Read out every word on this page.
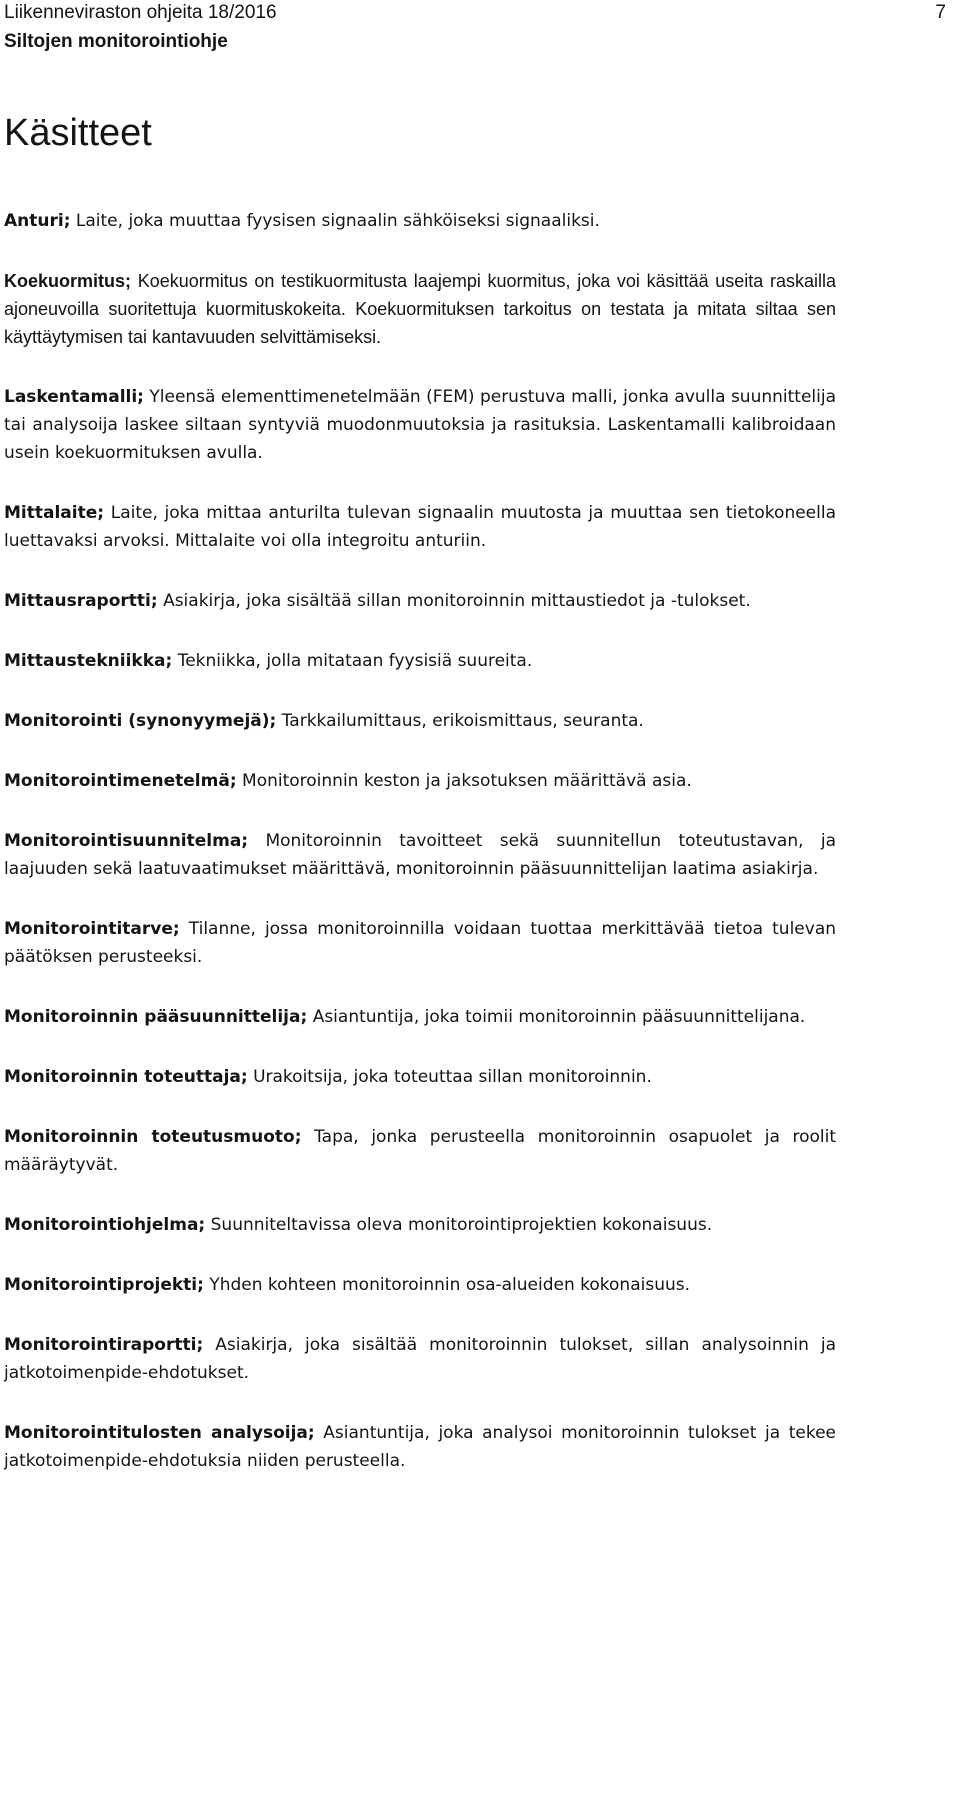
Liikenneviraston ohjeita 18/2016
Siltojen monitorointiohje
7
Käsitteet

Anturi; Laite, joka muuttaa fyysisen signaalin sähköiseksi signaaliksi.

Koekuormitus; Koekuormitus on testikuormitusta laajempi kuormitus, joka voi käsittää useita raskailla ajoneuvoilla suoritettuja kuormituskokeita. Koekuormituksen tarkoitus on testata ja mitata siltaa sen käyttäytymisen tai kantavuuden selvittämiseksi.

Laskentamalli; Yleensä elementtimenetelmään (FEM) perustuva malli, jonka avulla suunnittelija tai analysoija laskee siltaan syntyviä muodonmuutoksia ja rasituksia. Laskentamalli kalibroidaan usein koekuormituksen avulla.

Mittalaite; Laite, joka mittaa anturilta tulevan signaalin muutosta ja muuttaa sen tietokoneella luettavaksi arvoksi. Mittalaite voi olla integroitu anturiin.

Mittausraportti; Asiakirja, joka sisältää sillan monitoroinnin mittaustiedot ja -tulokset.

Mittaustekniikka; Tekniikka, jolla mitataan fyysisiä suureita.

Monitorointi (synonyymejä); Tarkkailumittaus, erikoismittaus, seuranta.

Monitorointimenetelmä; Monitoroinnin keston ja jaksotuksen määrittävä asia.

Monitorointisuunnitelma; Monitoroinnin tavoitteet sekä suunnitellun toteutustavan, ja laajuuden sekä laatuvaatimukset määrittävä, monitoroinnin pääsuunnittelijan laatima asiakirja.

Monitorointitarve; Tilanne, jossa monitoroinnilla voidaan tuottaa merkittävää tietoa tulevan päätöksen perusteeksi.

Monitoroinnin pääsuunnittelija; Asiantuntija, joka toimii monitoroinnin pääsuunnittelijana.

Monitoroinnin toteuttaja; Urakoitsija, joka toteuttaa sillan monitoroinnin.

Monitoroinnin toteutusmuoto; Tapa, jonka perusteella monitoroinnin osapuolet ja roolit määräytyvät.

Monitorointiohjelma; Suunniteltavissa oleva monitorointiprojektien kokonaisuus.

Monitorointiprojekti; Yhden kohteen monitoroinnin osa-alueiden kokonaisuus.

Monitorointiraportti; Asiakirja, joka sisältää monitoroinnin tulokset, sillan analysoinnin ja jatkotoimenpide-ehdotukset.

Monitorointitulosten analysoija; Asiantuntija, joka analysoi monitoroinnin tulokset ja tekee jatkotoimenpide-ehdotuksia niiden perusteella.
